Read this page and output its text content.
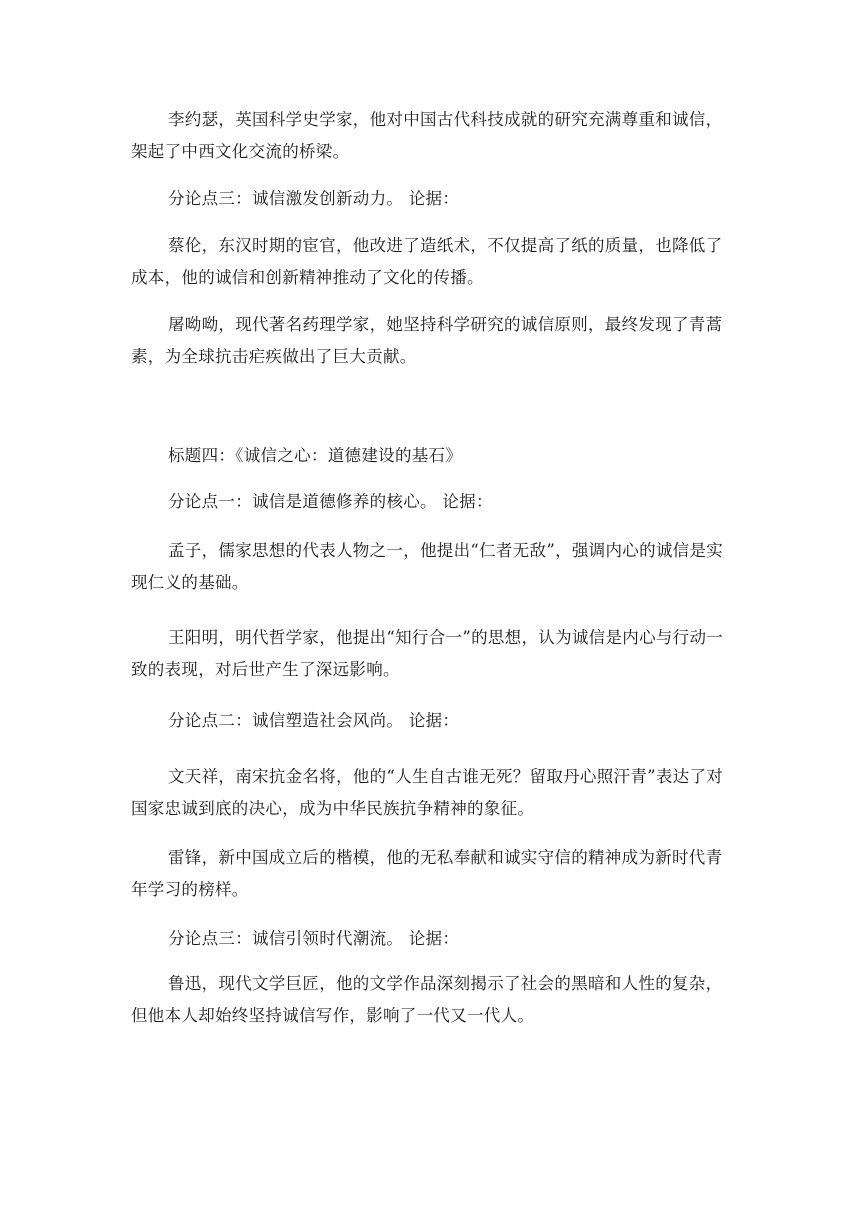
李约瑟，英国科学史学家，他对中国古代科技成就的研究充满尊重和诚信，架起了中西文化交流的桥梁。

分论点三：诚信激发创新动力。 论据：

蔡伦，东汉时期的宦官，他改进了造纸术，不仅提高了纸的质量，也降低了成本，他的诚信和创新精神推动了文化的传播。

屠呦呦，现代著名药理学家，她坚持科学研究的诚信原则，最终发现了青蒿素，为全球抗击疟疾做出了巨大贡献。

标题四：《诚信之心：道德建设的基石》

分论点一：诚信是道德修养的核心。 论据：

孟子，儒家思想的代表人物之一，他提出“仁者无敌”，强调内心的诚信是实现仁义的基础。

王阳明，明代哲学家，他提出“知行合一”的思想，认为诚信是内心与行动一致的表现，对后世产生了深远影响。

分论点二：诚信塑造社会风尚。 论据：

文天祥，南宋抗金名将，他的“人生自古谁无死？留取丹心照汗青”表达了对国家忠诚到底的决心，成为中华民族抗争精神的象征。

雷锋，新中国成立后的楷模，他的无私奉献和诚实守信的精神成为新时代青年学习的榜样。

分论点三：诚信引领时代潮流。 论据：

鲁迅，现代文学巨匠，他的文学作品深刻揭示了社会的黑暗和人性的复杂，但他本人却始终坚持诚信写作，影响了一代又一代人。
